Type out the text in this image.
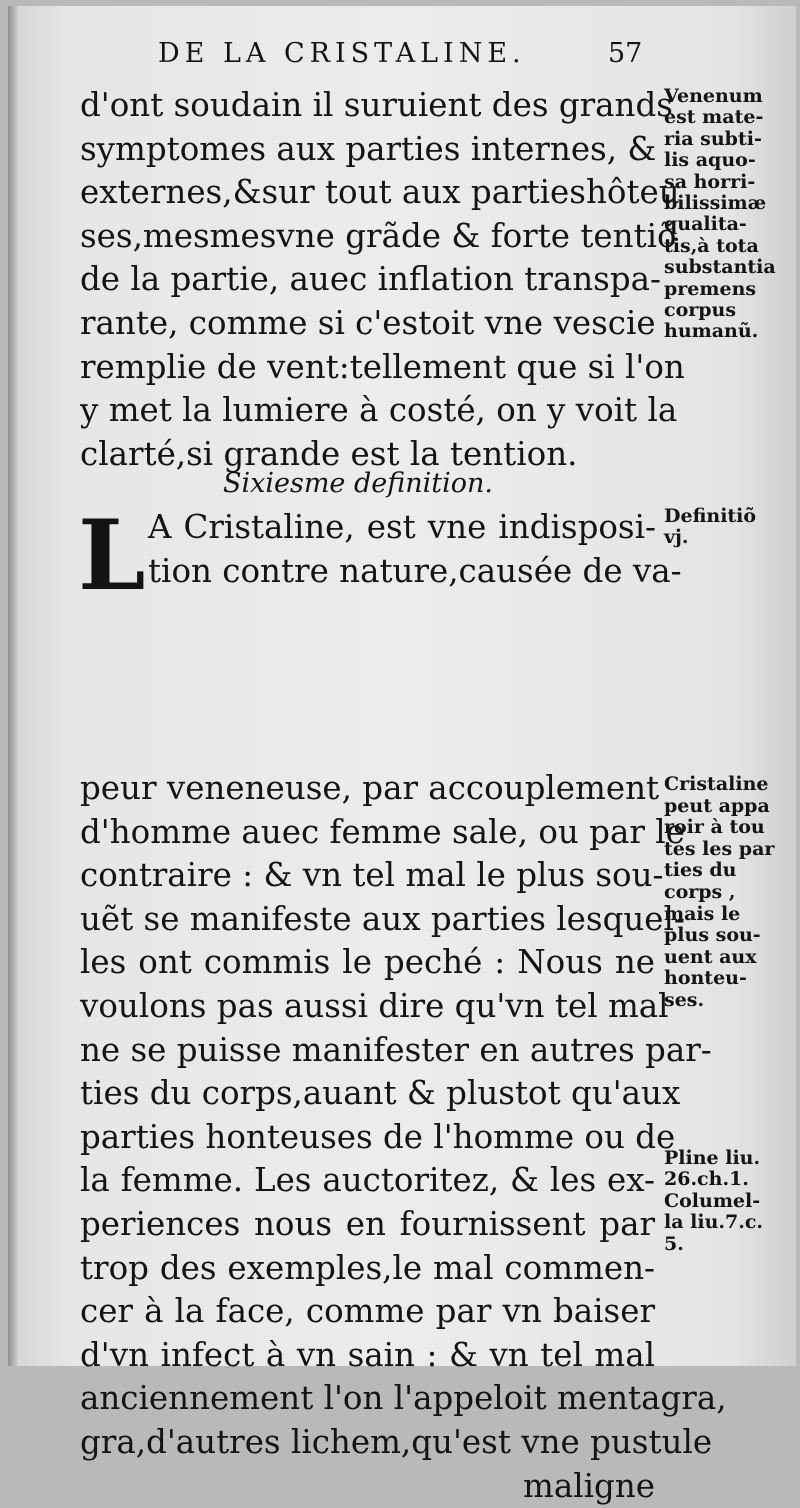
DE LA CRISTALINE.	57
d'ont soudain il suruient des grands
symptomes aux parties internes, &
externes,&sur tout aux partieshôteu
ses,mesmesvne grãde & forte tentiõ
de la partie, auec inflation transpa-
rante, comme si c'estoit vne vescie
remplie de vent:tellement que si l'on
y met la lumiere à costé, on y voit la
clarté,si grande est la tention.
Sixiesme definition.
L A Cristaline, est vne indisposi-
tion contre nature,causée de va-
peur veneneuse, par accouplement
d'homme auec femme sale, ou par le
contraire : & vn tel mal le plus sou-
uẽt se manifeste aux parties lesquel-
les ont commis le peché : Nous ne
voulons pas aussi dire qu'vn tel mal
ne se puisse manifester en autres par-
ties du corps,auant & plustot qu'aux
parties honteuses de l'homme ou de
la femme. Les auctoritez, & les ex-
periences nous en fournissent par
trop des exemples,le mal commen-
cer à la face, comme par vn baiser
d'vn infect à vn sain : & vn tel mal
anciennement l'on l'appeloit mentagra,
gra,d'autres lichem,qu'est vne pustule
maligne
Venenum
est mate-
ria subti-
lis aquo-
sa horri-
bilissimæ
qualita-
tis,à tota
substantia
premens
corpus
humanũ.
Definitiõ
vj.
Cristaline
peut appa
roir à tou
tes les par
ties du
corps ,
mais le
plus sou-
uent aux
honteu-
ses.
Pline liu.
26.ch.1.
Columel-
la liu.7.c.
5.
